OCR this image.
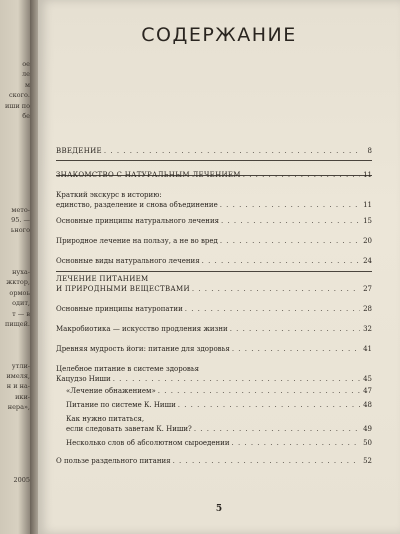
ое
ле
м
ского.
иши по
бе
мето-
95. —
ьного
нуха-
жктор,
ормоь
одит,
т — в
пищей.
утли-
имеля,
н и на-
ики-
нера»,
2005
СОДЕРЖАНИЕ
ВВЕДЕНИЕ . . .	8
ЗНАКОМСТВО С НАТУРАЛЬНЫМ ЛЕЧЕНИЕМ . . .	11
Краткий экскурс в историю:
единство, разделение и снова объединение . . .	11
Основные принципы натурального лечения . . .	15
Природное лечение на пользу, а не во вред . . .	20
Основные виды натурального лечения . . .	24
ЛЕЧЕНИЕ ПИТАНИЕМ
И ПРИРОДНЫМИ ВЕЩЕСТВАМИ . . .	27
Основные принципы натуропатии . . .	28
Макробиотика — искусство продления жизни . . .	32
Древняя мудрость йоги: питание для здоровья . . .	41
Целебное питание в системе здоровья
Кацудзо Ниши . . .	45
«Лечение обнажением» . . .	47
Питание по системе К. Ниши . . .	48
Как нужно питаться,
если следовать заветам К. Ниши? . . .	49
Несколько слов об абсолютном сыроедении . . .	50
О пользе раздельного питания . . .	52
5
